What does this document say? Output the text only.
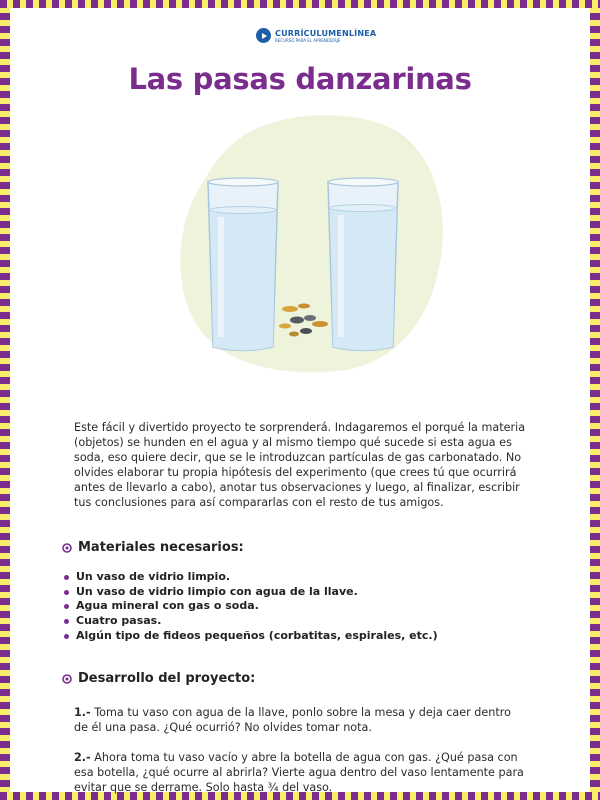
CURRÍCULUMENLÍNEA
RECURSO PARA EL APRENDIZAJE
Las pasas danzarinas
Este fácil y divertido proyecto te sorprenderá. Indagaremos el porqué la materia (objetos) se hunden en el agua y al mismo tiempo qué sucede si esta agua es soda, eso quiere decir, que se le introduzcan partículas de gas carbonatado. No olvides elaborar tu propia hipótesis del experimento (que crees tú que ocurrirá antes de llevarlo a cabo), anotar tus observaciones y luego, al finalizar, escribir tus conclusiones para así compararlas con el resto de tus amigos.
Materiales necesarios:
Un vaso de vidrio limpio.
Un vaso de vidrio limpio con agua de la llave.
Agua mineral con gas o soda.
Cuatro pasas.
Algún tipo de fideos pequeños (corbatitas, espirales, etc.)
Desarrollo del proyecto:
1.- Toma tu vaso con agua de la llave, ponlo sobre la mesa y deja caer dentro de él una pasa. ¿Qué ocurrió? No olvides tomar nota.
2.- Ahora toma tu vaso vacío y abre la botella de agua con gas. ¿Qué pasa con esa botella, ¿qué ocurre al abrirla? Vierte agua dentro del vaso lentamente para evitar que se derrame. Solo hasta ¾ del vaso.
